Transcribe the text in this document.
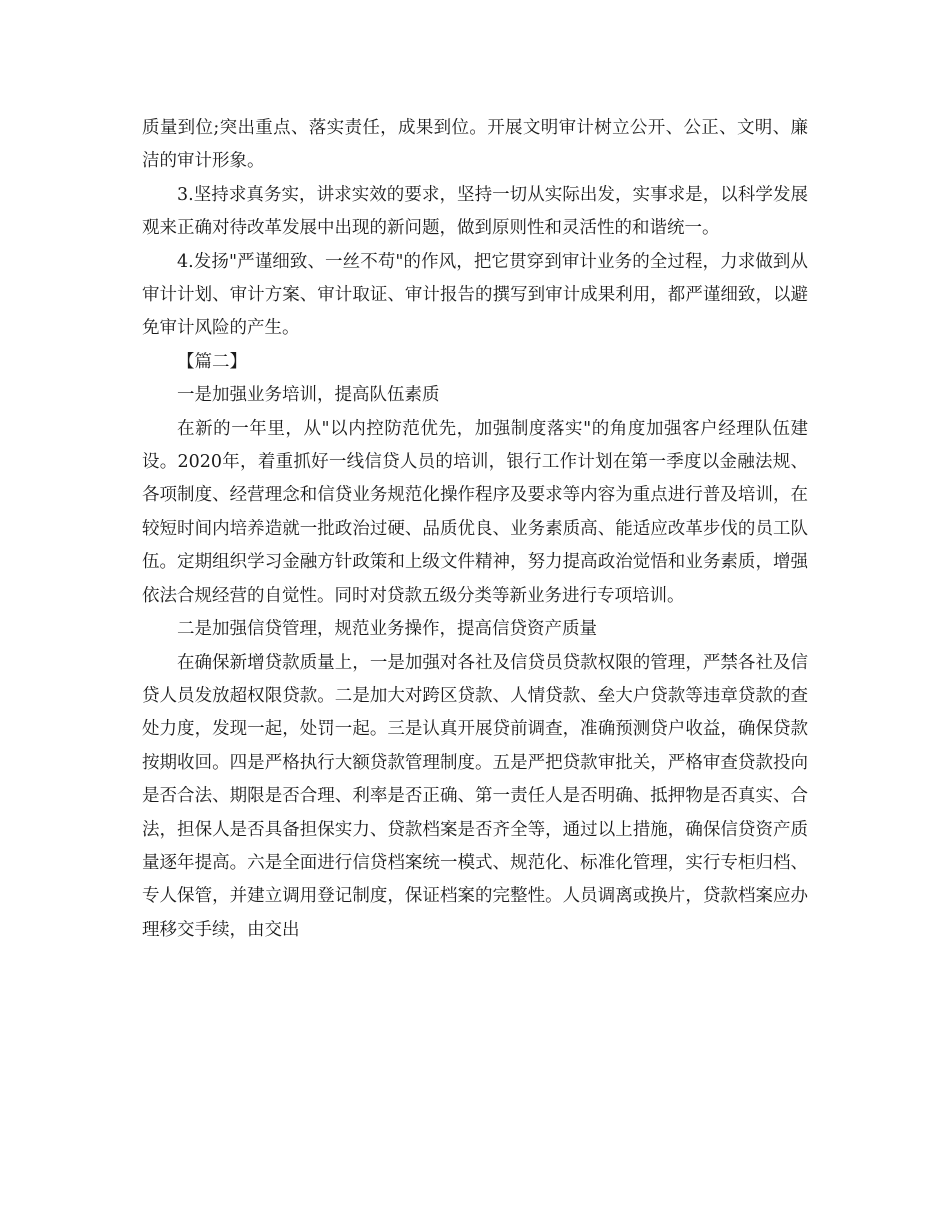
质量到位;突出重点、落实责任，成果到位。开展文明审计树立公开、公正、文明、廉洁的审计形象。

3.坚持求真务实，讲求实效的要求，坚持一切从实际出发，实事求是，以科学发展观来正确对待改革发展中出现的新问题，做到原则性和灵活性的和谐统一。

4.发扬"严谨细致、一丝不苟"的作风，把它贯穿到审计业务的全过程，力求做到从审计计划、审计方案、审计取证、审计报告的撰写到审计成果利用，都严谨细致，以避免审计风险的产生。

【篇二】

一是加强业务培训，提高队伍素质

在新的一年里，从"以内控防范优先，加强制度落实"的角度加强客户经理队伍建设。2020年，着重抓好一线信贷人员的培训，银行工作计划在第一季度以金融法规、各项制度、经营理念和信贷业务规范化操作程序及要求等内容为重点进行普及培训，在较短时间内培养造就一批政治过硬、品质优良、业务素质高、能适应改革步伐的员工队伍。定期组织学习金融方针政策和上级文件精神，努力提高政治觉悟和业务素质，增强依法合规经营的自觉性。同时对贷款五级分类等新业务进行专项培训。

二是加强信贷管理，规范业务操作，提高信贷资产质量

在确保新增贷款质量上，一是加强对各社及信贷员贷款权限的管理，严禁各社及信贷人员发放超权限贷款。二是加大对跨区贷款、人情贷款、垒大户贷款等违章贷款的查处力度，发现一起，处罚一起。三是认真开展贷前调查，准确预测贷户收益，确保贷款按期收回。四是严格执行大额贷款管理制度。五是严把贷款审批关，严格审查贷款投向是否合法、期限是否合理、利率是否正确、第一责任人是否明确、抵押物是否真实、合法，担保人是否具备担保实力、贷款档案是否齐全等，通过以上措施，确保信贷资产质量逐年提高。六是全面进行信贷档案统一模式、规范化、标准化管理，实行专柜归档、专人保管，并建立调用登记制度，保证档案的完整性。人员调离或换片，贷款档案应办理移交手续，由交出
